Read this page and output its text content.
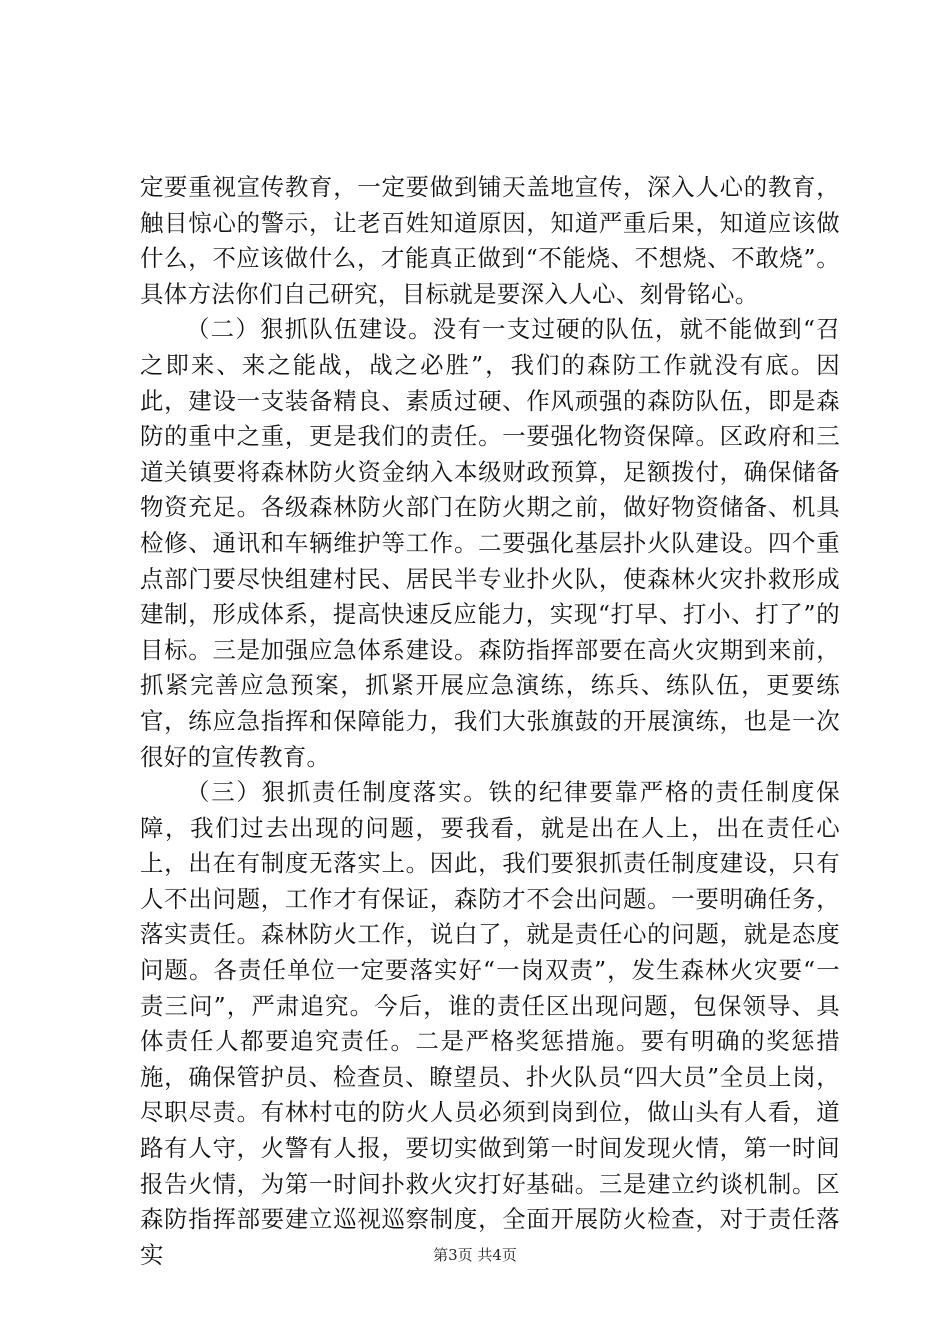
定要重视宣传教育，一定要做到铺天盖地宣传，深入人心的教育，触目惊心的警示，让老百姓知道原因，知道严重后果，知道应该做什么，不应该做什么，才能真正做到“不能烧、不想烧、不敢烧”。具体方法你们自己研究，目标就是要深入人心、刻骨铭心。

（二）狠抓队伍建设。没有一支过硬的队伍，就不能做到“召之即来、来之能战，战之必胜”，我们的森防工作就没有底。因此，建设一支装备精良、素质过硬、作风顽强的森防队伍，即是森防的重中之重，更是我们的责任。一要强化物资保障。区政府和三道关镇要将森林防火资金纳入本级财政预算，足额拨付，确保储备物资充足。各级森林防火部门在防火期之前，做好物资储备、机具检修、通讯和车辆维护等工作。二要强化基层扑火队建设。四个重点部门要尽快组建村民、居民半专业扑火队，使森林火灾扑救形成建制，形成体系，提高快速反应能力，实现“打早、打小、打了”的目标。三是加强应急体系建设。森防指挥部要在高火灾期到来前，抓紧完善应急预案，抓紧开展应急演练，练兵、练队伍，更要练官，练应急指挥和保障能力，我们大张旗鼓的开展演练，也是一次很好的宣传教育。

（三）狠抓责任制度落实。铁的纪律要靠严格的责任制度保障，我们过去出现的问题，要我看，就是出在人上，出在责任心上，出在有制度无落实上。因此，我们要狠抓责任制度建设，只有人不出问题，工作才有保证，森防才不会出问题。一要明确任务，落实责任。森林防火工作，说白了，就是责任心的问题，就是态度问题。各责任单位一定要落实好“一岗双责”，发生森林火灾要“一责三问”，严肃追究。今后，谁的责任区出现问题，包保领导、具体责任人都要追究责任。二是严格奖惩措施。要有明确的奖惩措施，确保管护员、检查员、瞭望员、扑火队员“四大员”全员上岗，尽职尽责。有林村屯的防火人员必须到岗到位，做山头有人看，道路有人守，火警有人报，要切实做到第一时间发现火情，第一时间报告火情，为第一时间扑救火灾打好基础。三是建立约谈机制。区森防指挥部要建立巡视巡察制度，全面开展防火检查，对于责任落实	第3页 共4页
